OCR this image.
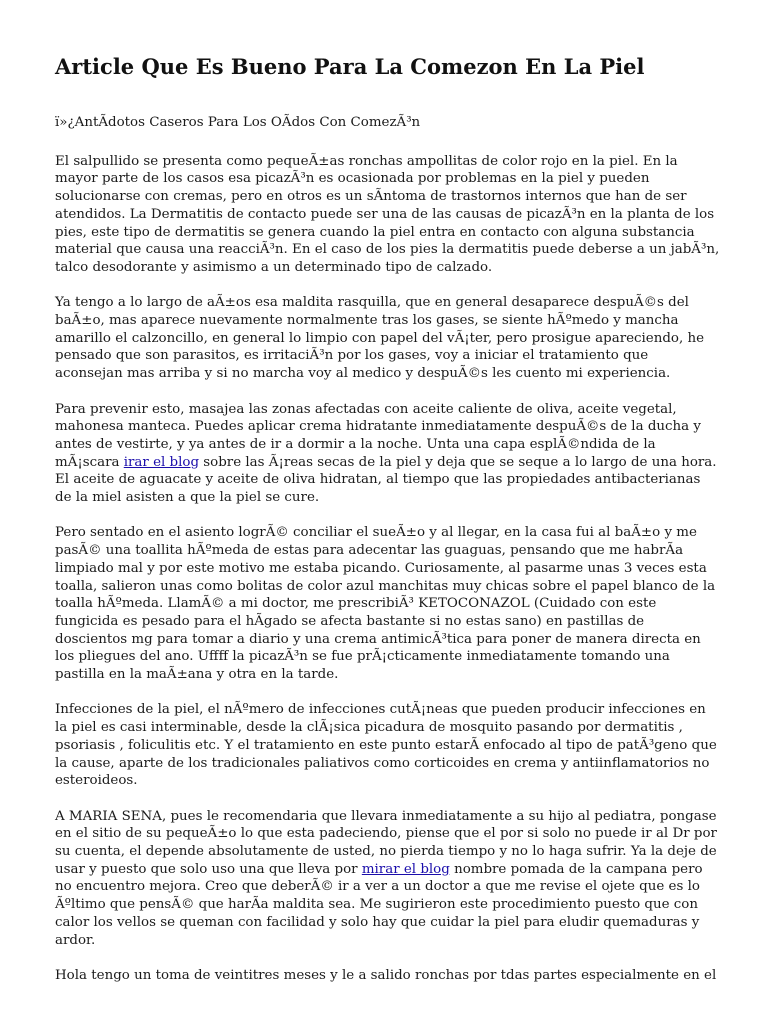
Article Que Es Bueno Para La Comezon En La Piel

ï»¿AntÃdotos Caseros Para Los OÃdos Con ComezÃ³n

El salpullido se presenta como pequeÃ±as ronchas ampollitas de color rojo en la piel. En la mayor parte de los casos esa picazÃ³n es ocasionada por problemas en la piel y pueden solucionarse con cremas, pero en otros es un sÃntoma de trastornos internos que han de ser atendidos. La Dermatitis de contacto puede ser una de las causas de picazÃ³n en la planta de los pies, este tipo de dermatitis se genera cuando la piel entra en contacto con alguna substancia material que causa una reacciÃ³n. En el caso de los pies la dermatitis puede deberse a un jabÃ³n, talco desodorante y asimismo a un determinado tipo de calzado.

Ya tengo a lo largo de aÃ±os esa maldita rasquilla, que en general desaparece despuÃ©s del baÃ±o, mas aparece nuevamente normalmente tras los gases, se siente hÃºmedo y mancha amarillo el calzoncillo, en general lo limpio con papel del vÃ¡ter, pero prosigue apareciendo, he pensado que son parasitos, es irritaciÃ³n por los gases, voy a iniciar el tratamiento que aconsejan mas arriba y si no marcha voy al medico y despuÃ©s les cuento mi experiencia.

Para prevenir esto, masajea las zonas afectadas con aceite caliente de oliva, aceite vegetal, mahonesa manteca. Puedes aplicar crema hidratante inmediatamente despuÃ©s de la ducha y antes de vestirte, y ya antes de ir a dormir a la noche. Unta una capa esplÃ©ndida de la mÃ¡scara irar el blog sobre las Ã¡reas secas de la piel y deja que se seque a lo largo de una hora. El aceite de aguacate y aceite de oliva hidratan, al tiempo que las propiedades antibacterianas de la miel asisten a que la piel se cure.

Pero sentado en el asiento logrÃ© conciliar el sueÃ±o y al llegar, en la casa fui al baÃ±o y me pasÃ© una toallita hÃºmeda de estas para adecentar las guaguas, pensando que me habrÃa limpiado mal y por este motivo me estaba picando. Curiosamente, al pasarme unas 3 veces esta toalla, salieron unas como bolitas de color azul manchitas muy chicas sobre el papel blanco de la toalla hÃºmeda. LlamÃ© a mi doctor, me prescribiÃ³ KETOCONAZOL (Cuidado con este fungicida es pesado para el hÃgado se afecta bastante si no estas sano) en pastillas de doscientos mg para tomar a diario y una crema antimicÃ³tica para poner de manera directa en los pliegues del ano. Uffff la picazÃ³n se fue prÃ¡cticamente inmediatamente tomando una pastilla en la maÃ±ana y otra en la tarde.

Infecciones de la piel, el nÃºmero de infecciones cutÃ¡neas que pueden producir infecciones en la piel es casi interminable, desde la clÃ¡sica picadura de mosquito pasando por dermatitis , psoriasis , foliculitis etc. Y el tratamiento en este punto estarÃ enfocado al tipo de patÃ³geno que la cause, aparte de los tradicionales paliativos como corticoides en crema y antiinflamatorios no esteroideos.

A MARIA SENA, pues le recomendaria que llevara inmediatamente a su hijo al pediatra, pongase en el sitio de su pequeÃ±o lo que esta padeciendo, piense que el por si solo no puede ir al Dr por su cuenta, el depende absolutamente de usted, no pierda tiempo y no lo haga sufrir. Ya la deje de usar y puesto que solo uso una que lleva por mirar el blog nombre pomada de la campana pero no encuentro mejora. Creo que deberÃ© ir a ver a un doctor a que me revise el ojete que es lo Ãºltimo que pensÃ© que harÃa maldita sea. Me sugirieron este procedimiento puesto que con calor los vellos se queman con facilidad y solo hay que cuidar la piel para eludir quemaduras y ardor.

Hola tengo un toma de veintitres meses y le a salido ronchas por tdas partes especialmente en el
